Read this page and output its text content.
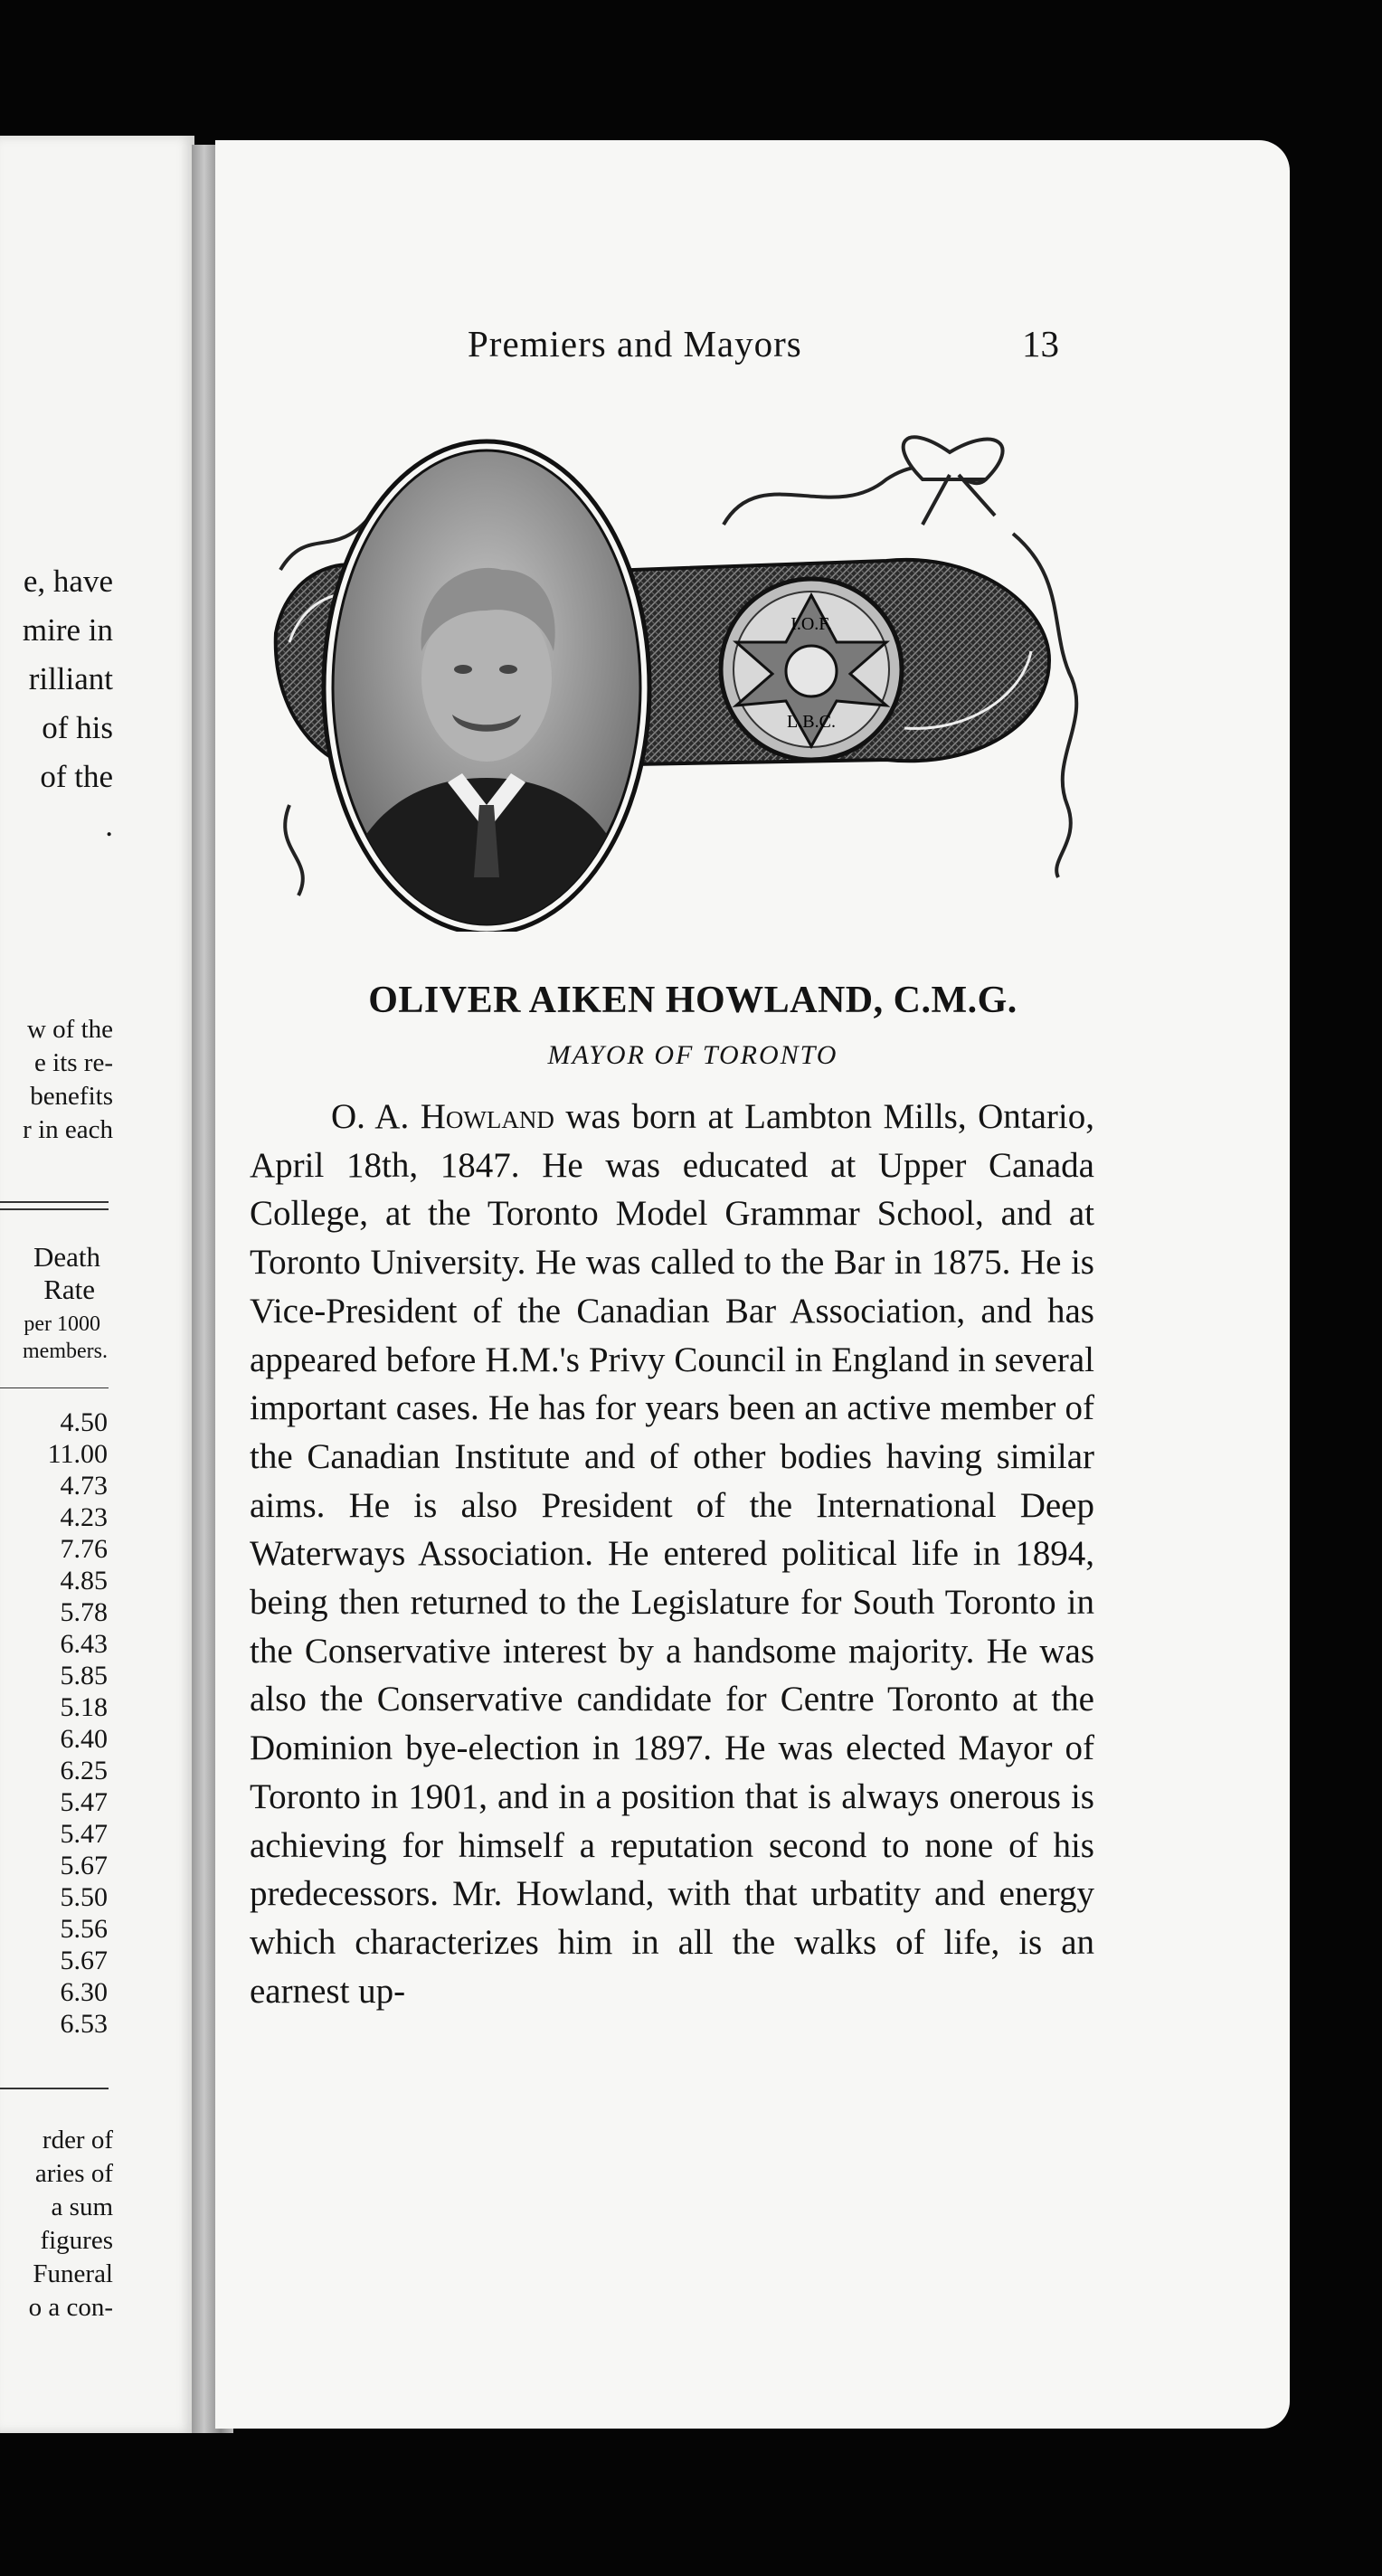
e, have
mire in
rilliant
of his
of the
.
w of the
e its re-
benefits
r in each
Death
Rate
per 1000
members.
4.50
11.00
4.73
4.23
7.76
4.85
5.78
6.43
5.85
5.18
6.40
6.25
5.47
5.47
5.67
5.50
5.56
5.67
6.30
6.53
rder of
aries of
a sum
figures
Funeral
o a con-
Premiers and Mayors	13
I.O.F.
L.B.C.
OLIVER AIKEN HOWLAND, C.M.G.
MAYOR OF TORONTO

O. A. Howland was born at Lambton Mills, Ontario, April 18th, 1847. He was educated at Upper Canada College, at the Toronto Model Grammar School, and at Toronto University. He was called to the Bar in 1875. He is Vice-President of the Canadian Bar Association, and has appeared before H.M.'s Privy Council in England in several important cases. He has for years been an active member of the Canadian Institute and of other bodies having similar aims. He is also President of the International Deep Waterways Association. He entered political life in 1894, being then returned to the Legislature for South Toronto in the Conservative interest by a handsome majority. He was also the Conservative candidate for Centre Toronto at the Dominion bye-election in 1897. He was elected Mayor of Toronto in 1901, and in a position that is always onerous is achieving for himself a reputation second to none of his predecessors. Mr. Howland, with that urbatity and energy which characterizes him in all the walks of life, is an earnest up-
